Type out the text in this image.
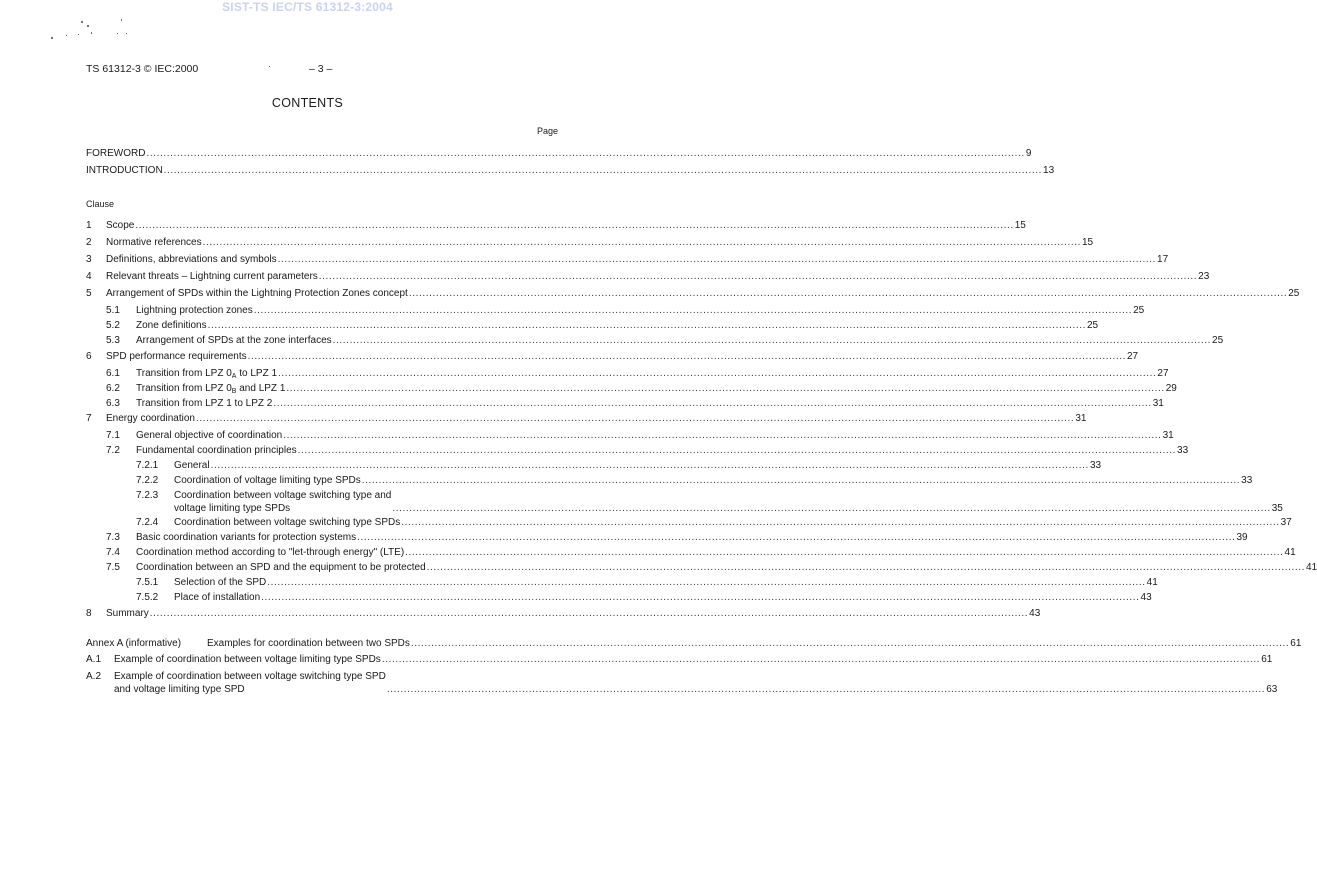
SIST-TS IEC/TS 61312-3:2004
TS 61312-3 © IEC:2000	– 3 –
CONTENTS
Page
Clause
FOREWORD .................................................................................................................................................................................................................................................................... 9
INTRODUCTION .................................................................................................................................................................................................................................................................... 13
1	Scope .................................................................................................................................................................................................................................................................... 15
2	Normative references .................................................................................................................................................................................................................................................................... 15
3	Definitions, abbreviations and symbols .................................................................................................................................................................................................................................................................... 17
4	Relevant threats – Lightning current parameters .................................................................................................................................................................................................................................................................... 23
5	Arrangement of SPDs within the Lightning Protection Zones concept .................................................................................................................................................................................................................................................................... 25
5.1	Lightning protection zones .................................................................................................................................................................................................................................................................... 25
5.2	Zone definitions .................................................................................................................................................................................................................................................................... 25
5.3	Arrangement of SPDs at the zone interfaces .................................................................................................................................................................................................................................................................... 25
6	SPD performance requirements .................................................................................................................................................................................................................................................................... 27
6.1	Transition from LPZ $0_A$ to LPZ 1 .................................................................................................................................................................................................................................................................... 27
6.2	Transition from LPZ $0_B$ and LPZ 1 .................................................................................................................................................................................................................................................................... 29
6.3	Transition from LPZ 1 to LPZ 2 .................................................................................................................................................................................................................................................................... 31
7	Energy coordination .................................................................................................................................................................................................................................................................... 31
7.1	General objective of coordination .................................................................................................................................................................................................................................................................... 31
7.2	Fundamental coordination principles .................................................................................................................................................................................................................................................................... 33
7.2.1	General .................................................................................................................................................................................................................................................................... 33
7.2.2	Coordination of voltage limiting type SPDs .................................................................................................................................................................................................................................................................... 33
7.2.3	Coordination between voltage switching type and
voltage limiting type SPDs	.................................................................................................................................................................................................................................................................... 35
7.2.4	Coordination between voltage switching type SPDs .................................................................................................................................................................................................................................................................... 37
7.3	Basic coordination variants for protection systems .................................................................................................................................................................................................................................................................... 39
7.4	Coordination method according to "let-through energy" (LTE) .................................................................................................................................................................................................................................................................... 41
7.5	Coordination between an SPD and the equipment to be protected .................................................................................................................................................................................................................................................................... 41
7.5.1	Selection of the SPD .................................................................................................................................................................................................................................................................... 41
7.5.2	Place of installation .................................................................................................................................................................................................................................................................... 43
8	Summary .................................................................................................................................................................................................................................................................... 43
Annex A (informative)	Examples for coordination between two SPDs .................................................................................................................................................................................................................................................................... 61
A.1	Example of coordination between voltage limiting type SPDs .................................................................................................................................................................................................................................................................... 61
A.2	Example of coordination between voltage switching type SPD
and voltage limiting type SPD	.................................................................................................................................................................................................................................................................... 63
